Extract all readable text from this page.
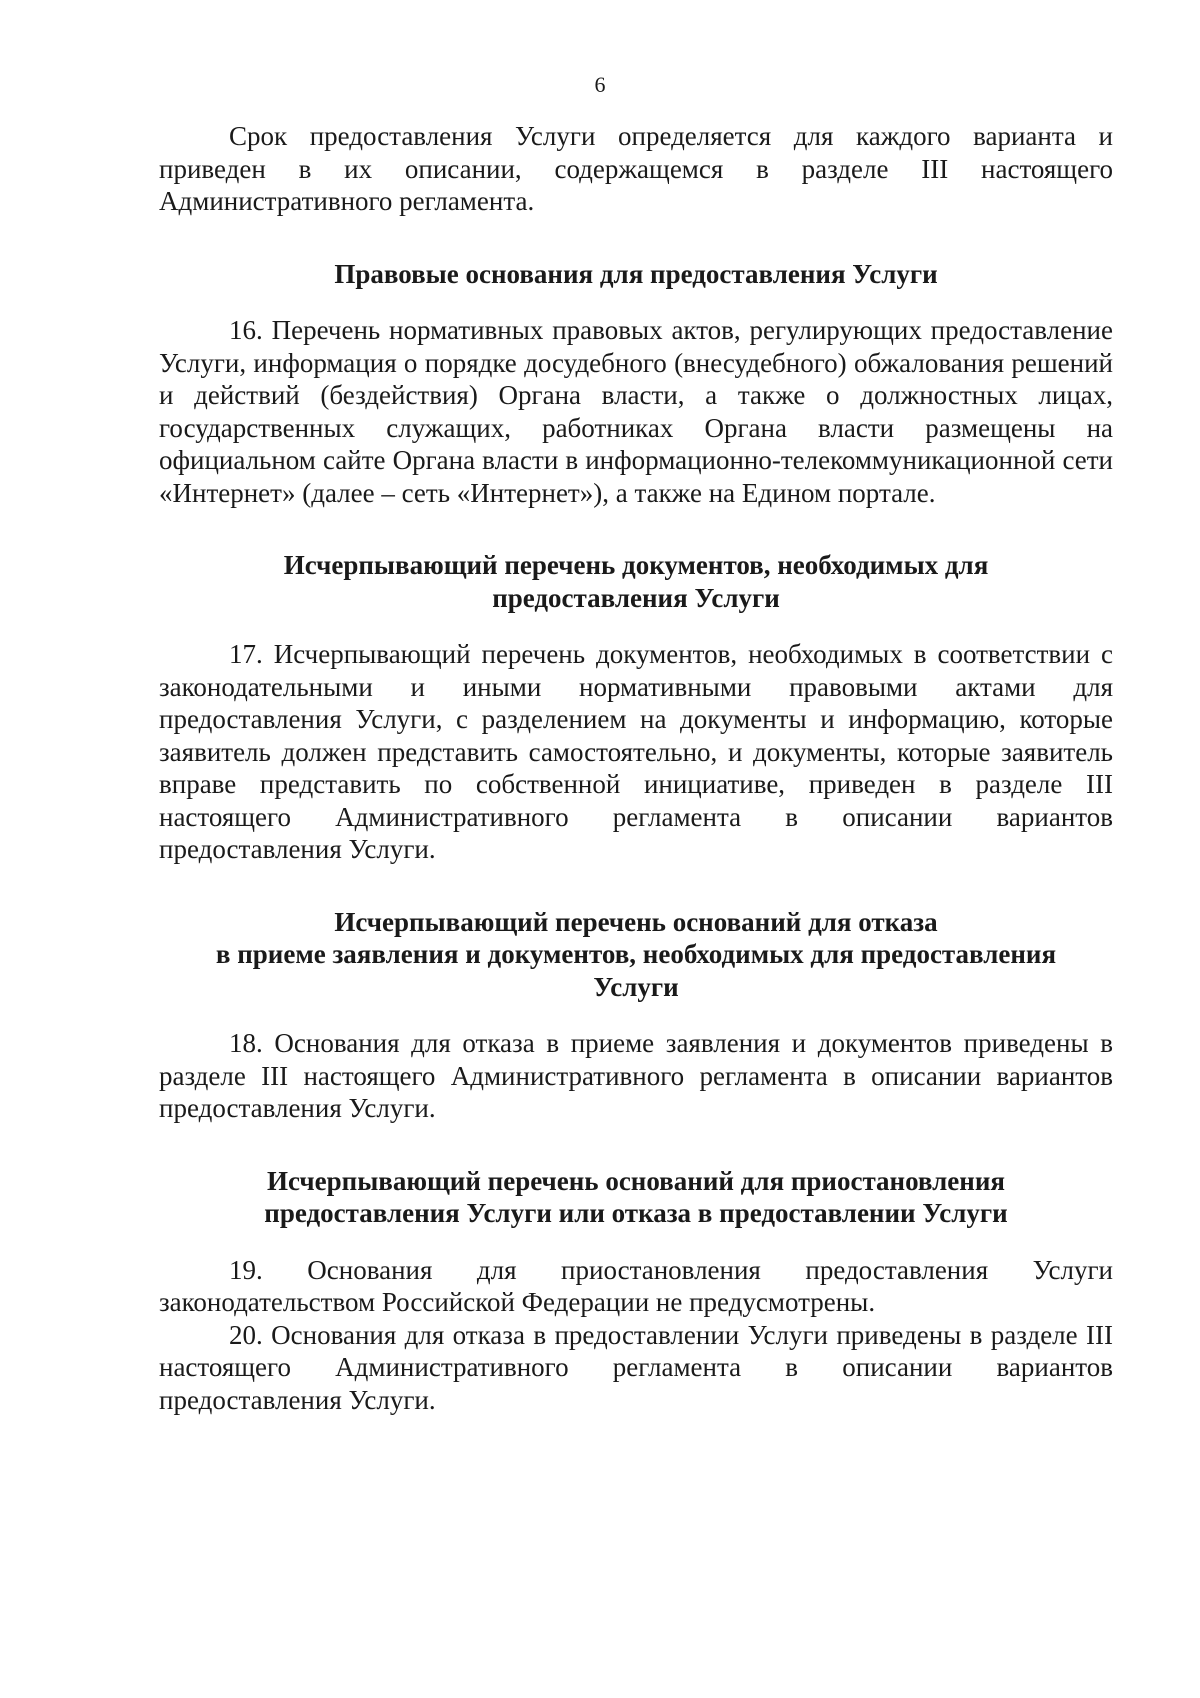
6

Срок предоставления Услуги определяется для каждого варианта и приведен в их описании, содержащемся в разделе III настоящего Административного регламента.

Правовые основания для предоставления Услуги

16. Перечень нормативных правовых актов, регулирующих предоставление Услуги, информация о порядке досудебного (внесудебного) обжалования решений и действий (бездействия) Органа власти, а также о должностных лицах, государственных служащих, работниках Органа власти размещены на официальном сайте Органа власти в информационно-телекоммуникационной сети «Интернет» (далее – сеть «Интернет»), а также на Едином портале.

Исчерпывающий перечень документов, необходимых для
предоставления Услуги

17. Исчерпывающий перечень документов, необходимых в соответствии с законодательными и иными нормативными правовыми актами для предоставления Услуги, с разделением на документы и информацию, которые заявитель должен представить самостоятельно, и документы, которые заявитель вправе представить по собственной инициативе, приведен в разделе III настоящего Административного регламента в описании вариантов предоставления Услуги.

Исчерпывающий перечень оснований для отказа
в приеме заявления и документов, необходимых для предоставления
Услуги

18. Основания для отказа в приеме заявления и документов приведены в разделе III настоящего Административного регламента в описании вариантов предоставления Услуги.

Исчерпывающий перечень оснований для приостановления
предоставления Услуги или отказа в предоставлении Услуги

19. Основания для приостановления предоставления Услуги законодательством Российской Федерации не предусмотрены.

20. Основания для отказа в предоставлении Услуги приведены в разделе III настоящего Административного регламента в описании вариантов предоставления Услуги.
